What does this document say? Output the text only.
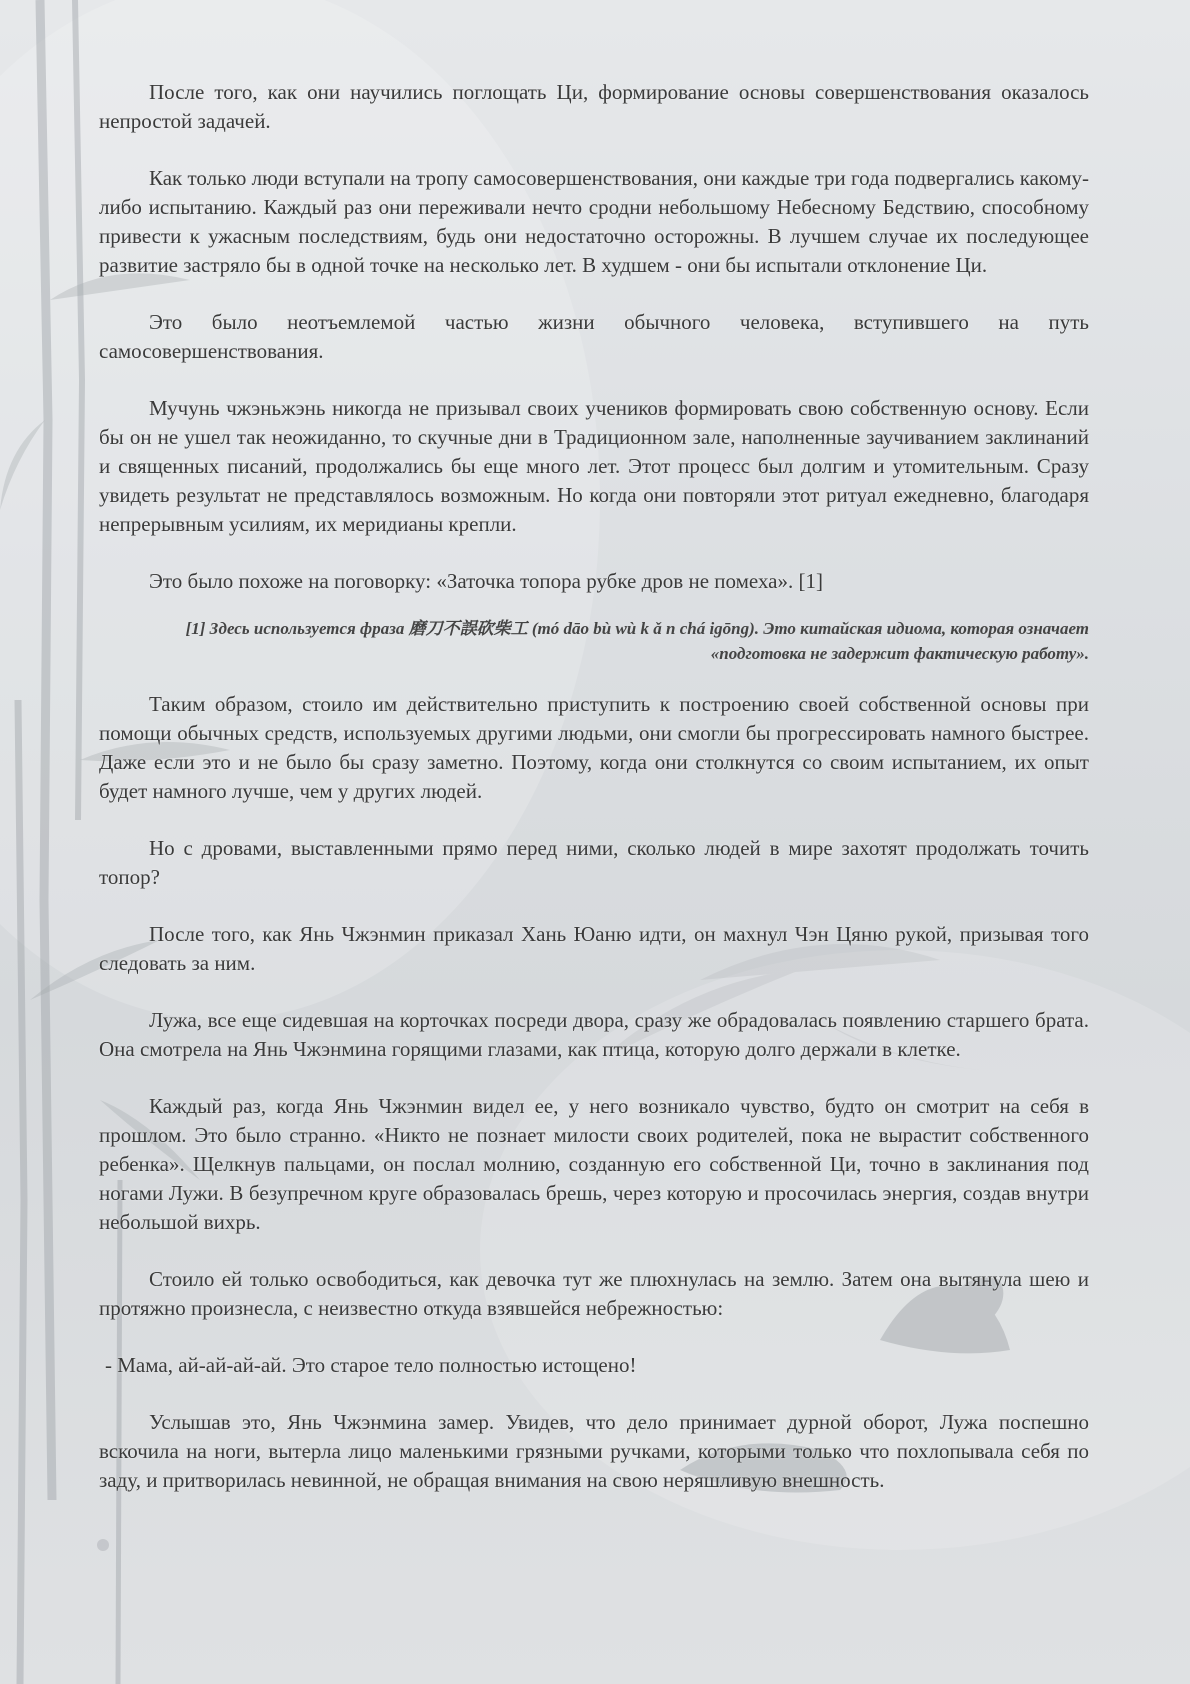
После того, как они научились поглощать Ци, формирование основы совершенствования оказалось непростой задачей.

Как только люди вступали на тропу самосовершенствования, они каждые три года подвергались какому-либо испытанию. Каждый раз они переживали нечто сродни небольшому Небесному Бедствию, способному привести к ужасным последствиям, будь они недостаточно осторожны. В лучшем случае их последующее развитие застряло бы в одной точке на несколько лет. В худшем - они бы испытали отклонение Ци.

Это было неотъемлемой частью жизни обычного человека, вступившего на путь самосовершенствования.

Мучунь чжэньжэнь никогда не призывал своих учеников формировать свою собственную основу. Если бы он не ушел так неожиданно, то скучные дни в Традиционном зале, наполненные заучиванием заклинаний и священных писаний, продолжались бы еще много лет. Этот процесс был долгим и утомительным. Сразу увидеть результат не представлялось возможным. Но когда они повторяли этот ритуал ежедневно, благодаря непрерывным усилиям, их меридианы крепли.

Это было похоже на поговорку: «Заточка топора рубке дров не помеха». [1]

[1] Здесь используется фраза 磨刀不誤砍柴工 (mó dāo bù wù k ǎ n chá igōng). Это китайская идиома, которая означает «подготовка не задержит фактическую работу».

Таким образом, стоило им действительно приступить к построению своей собственной основы при помощи обычных средств, используемых другими людьми, они смогли бы прогрессировать намного быстрее. Даже если это и не было бы сразу заметно. Поэтому, когда они столкнутся со своим испытанием, их опыт будет намного лучше, чем у других людей.

Но с дровами, выставленными прямо перед ними, сколько людей в мире захотят продолжать точить топор?

После того, как Янь Чжэнмин приказал Хань Юаню идти, он махнул Чэн Цяню рукой, призывая того следовать за ним.

Лужа, все еще сидевшая на корточках посреди двора, сразу же обрадовалась появлению старшего брата. Она смотрела на Янь Чжэнмина горящими глазами, как птица, которую долго держали в клетке.

Каждый раз, когда Янь Чжэнмин видел ее, у него возникало чувство, будто он смотрит на себя в прошлом. Это было странно. «Никто не познает милости своих родителей, пока не вырастит собственного ребенка». Щелкнув пальцами, он послал молнию, созданную его собственной Ци, точно в заклинания под ногами Лужи. В безупречном круге образовалась брешь, через которую и просочилась энергия, создав внутри небольшой вихрь.

Стоило ей только освободиться, как девочка тут же плюхнулась на землю. Затем она вытянула шею и протяжно произнесла, с неизвестно откуда взявшейся небрежностью:

- Мама, ай-ай-ай-ай. Это старое тело полностью истощено!

Услышав это, Янь Чжэнмина замер. Увидев, что дело принимает дурной оборот, Лужа поспешно вскочила на ноги, вытерла лицо маленькими грязными ручками, которыми только что похлопывала себя по заду, и притворилась невинной, не обращая внимания на свою неряшливую внешность.
